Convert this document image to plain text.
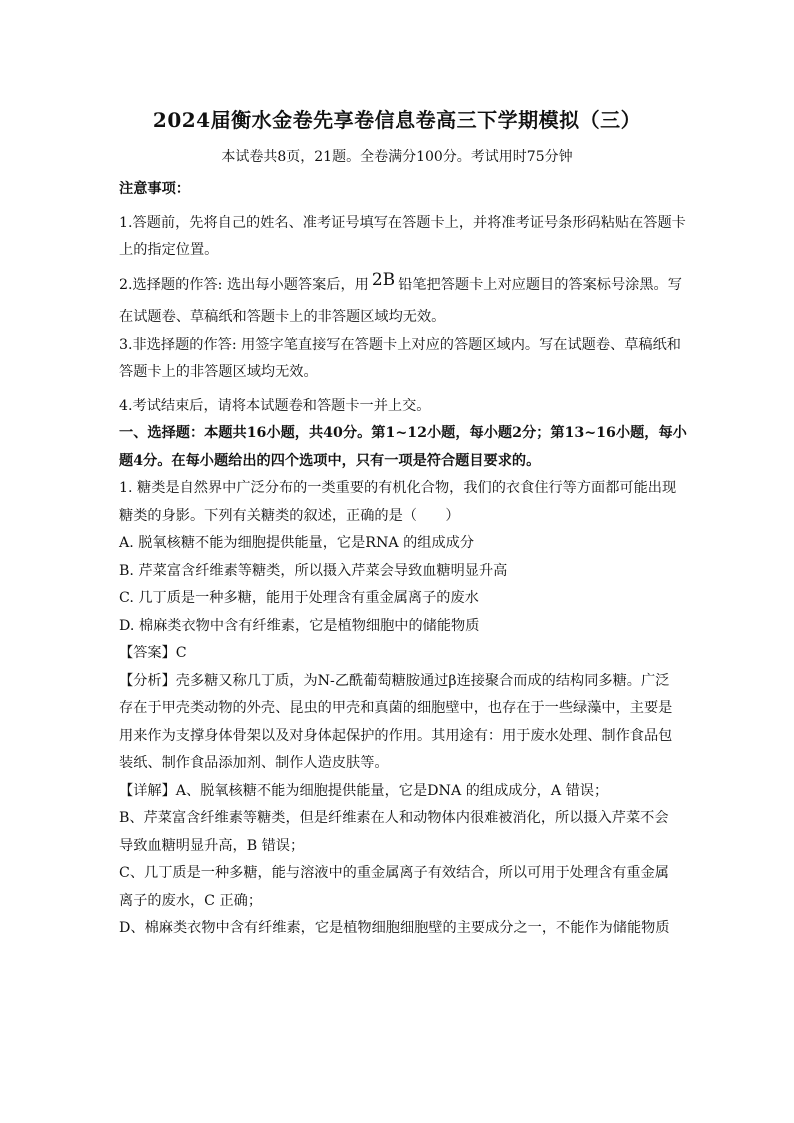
2024届衡水金卷先享卷信息卷高三下学期模拟（三）
本试卷共8页，21题。全卷满分100分。考试用时75分钟
注意事项：
1.答题前，先将自己的姓名、准考证号填写在答题卡上，并将准考证号条形码粘贴在答题卡
上的指定位置。
2.选择题的作答: 选出每小题答案后，用 2B 铅笔把答题卡上对应题目的答案标号涂黑。写
在试题卷、草稿纸和答题卡上的非答题区域均无效。
3.非选择题的作答: 用签字笔直接写在答题卡上对应的答题区域内。写在试题卷、草稿纸和
答题卡上的非答题区域均无效。
4.考试结束后，请将本试题卷和答题卡一并上交。
一、选择题：本题共16小题，共40分。第1~12小题，每小题2分；第13~16小题，每小
题4分。在每小题给出的四个选项中，只有一项是符合题目要求的。
1. 糖类是自然界中广泛分布的一类重要的有机化合物，我们的衣食住行等方面都可能出现
糖类的身影。下列有关糖类的叙述，正确的是（　　）
A. 脱氧核糖不能为细胞提供能量，它是RNA 的组成成分
B. 芹菜富含纤维素等糖类，所以摄入芹菜会导致血糖明显升高
C. 几丁质是一种多糖，能用于处理含有重金属离子的废水
D. 棉麻类衣物中含有纤维素，它是植物细胞中的储能物质
【答案】C
【分析】壳多糖又称几丁质，为N-乙酰葡萄糖胺通过β连接聚合而成的结构同多糖。广泛
存在于甲壳类动物的外壳、昆虫的甲壳和真菌的细胞壁中，也存在于一些绿藻中，主要是
用来作为支撑身体骨架以及对身体起保护的作用。其用途有：用于废水处理、制作食品包
装纸、制作食品添加剂、制作人造皮肤等。
【详解】A、脱氧核糖不能为细胞提供能量，它是DNA 的组成成分，A 错误；
B、芹菜富含纤维素等糖类，但是纤维素在人和动物体内很难被消化，所以摄入芹菜不会
导致血糖明显升高，B 错误；
C、几丁质是一种多糖，能与溶液中的重金属离子有效结合，所以可用于处理含有重金属
离子的废水，C 正确；
D、棉麻类衣物中含有纤维素，它是植物细胞细胞壁的主要成分之一，不能作为储能物质
